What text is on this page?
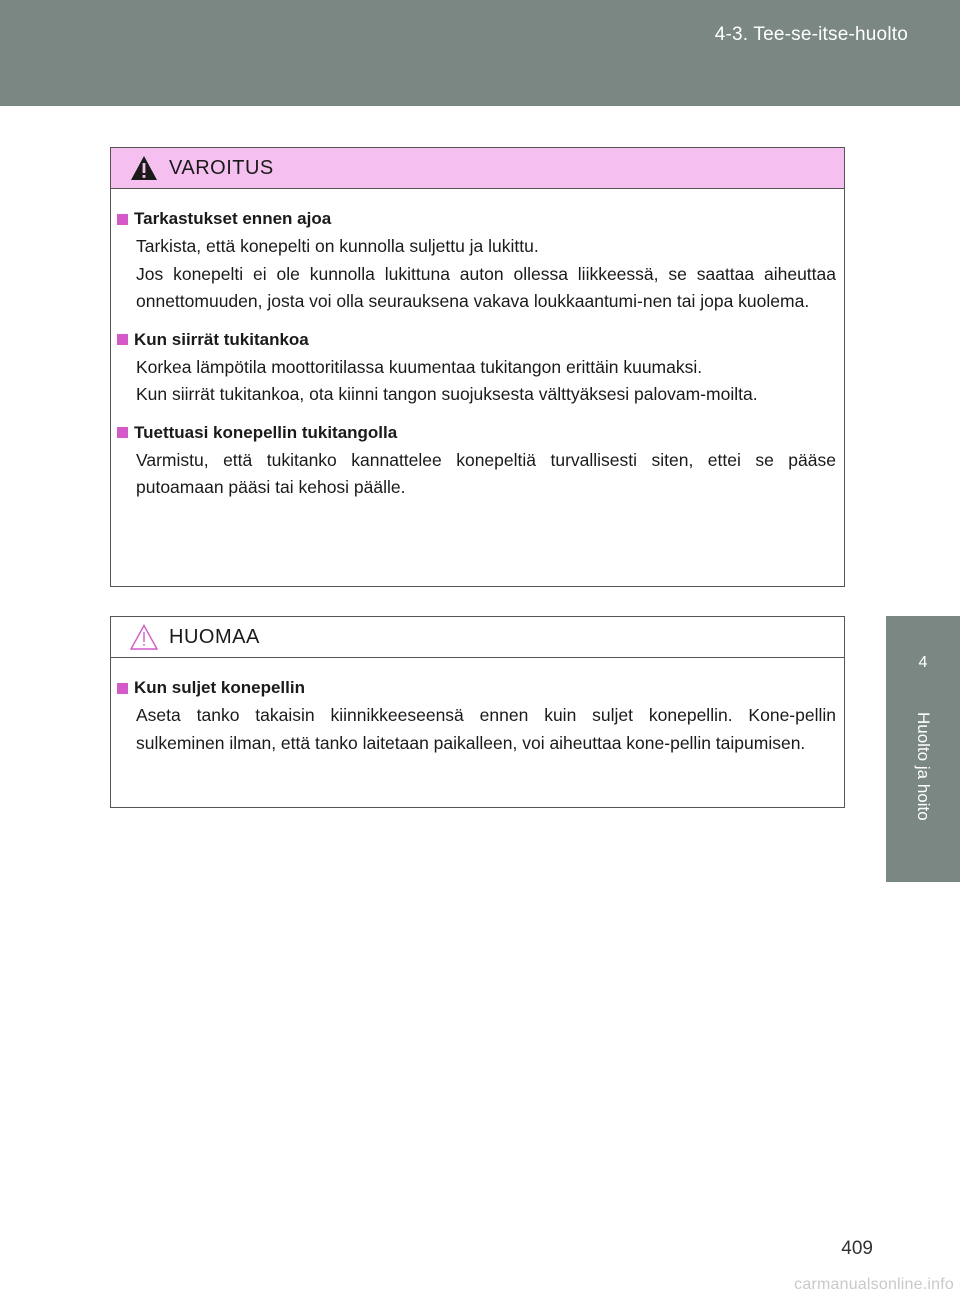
4-3. Tee-se-itse-huolto
4
Huolto ja hoito
VAROITUS
Tarkastukset ennen ajoa

Tarkista, että konepelti on kunnolla suljettu ja lukittu.

Jos konepelti ei ole kunnolla lukittuna auton ollessa liikkeessä, se saattaa aiheuttaa onnettomuuden, josta voi olla seurauksena vakava loukkaantumi-nen tai jopa kuolema.

Kun siirrät tukitankoa

Korkea lämpötila moottoritilassa kuumentaa tukitangon erittäin kuumaksi.

Kun siirrät tukitankoa, ota kiinni tangon suojuksesta välttyäksesi palovam-moilta.

Tuettuasi konepellin tukitangolla

Varmistu, että tukitanko kannattelee konepeltiä turvallisesti siten, ettei se pääse putoamaan pääsi tai kehosi päälle.

HUOMAA
Kun suljet konepellin

Aseta tanko takaisin kiinnikkeeseensä ennen kuin suljet konepellin. Kone-pellin sulkeminen ilman, että tanko laitetaan paikalleen, voi aiheuttaa kone-pellin taipumisen.

409
carmanualsonline.info
